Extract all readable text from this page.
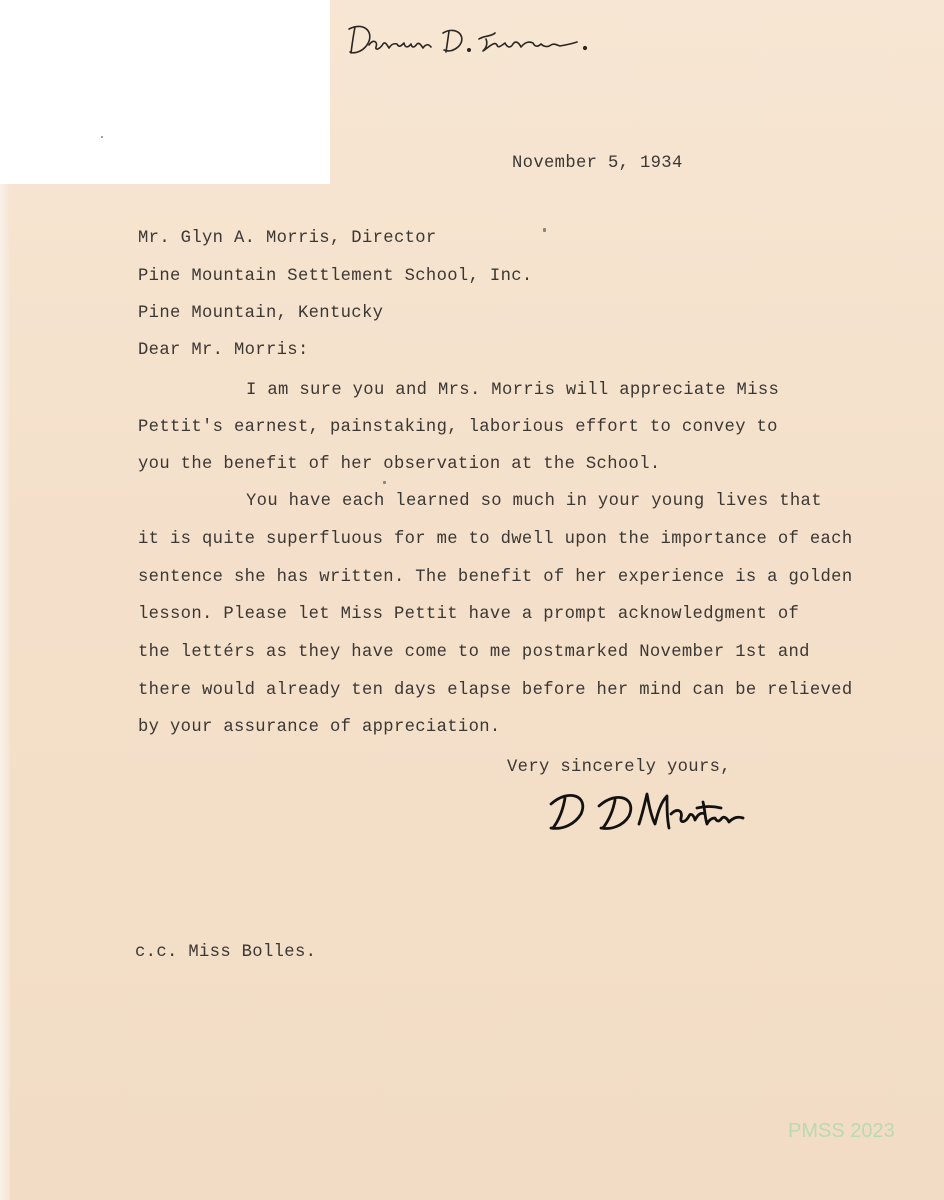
November 5, 1934
Mr. Glyn A. Morris, Director
Pine Mountain Settlement School, Inc.
Pine Mountain, Kentucky
Dear Mr. Morris:
I am sure you and Mrs. Morris will appreciate Miss
Pettit's earnest, painstaking, laborious effort to convey to
you the benefit of her observation at the School.
You have each learned so much in your young lives that
it is quite superfluous for me to dwell upon the importance of each
sentence she has written. The benefit of her experience is a golden
lesson. Please let Miss Pettit have a prompt acknowledgment of
the lettérs as they have come to me postmarked November 1st and
there would already ten days elapse before her mind can be relieved
by your assurance of appreciation.
Very sincerely yours,
c.c. Miss Bolles.
PMSS 2023
